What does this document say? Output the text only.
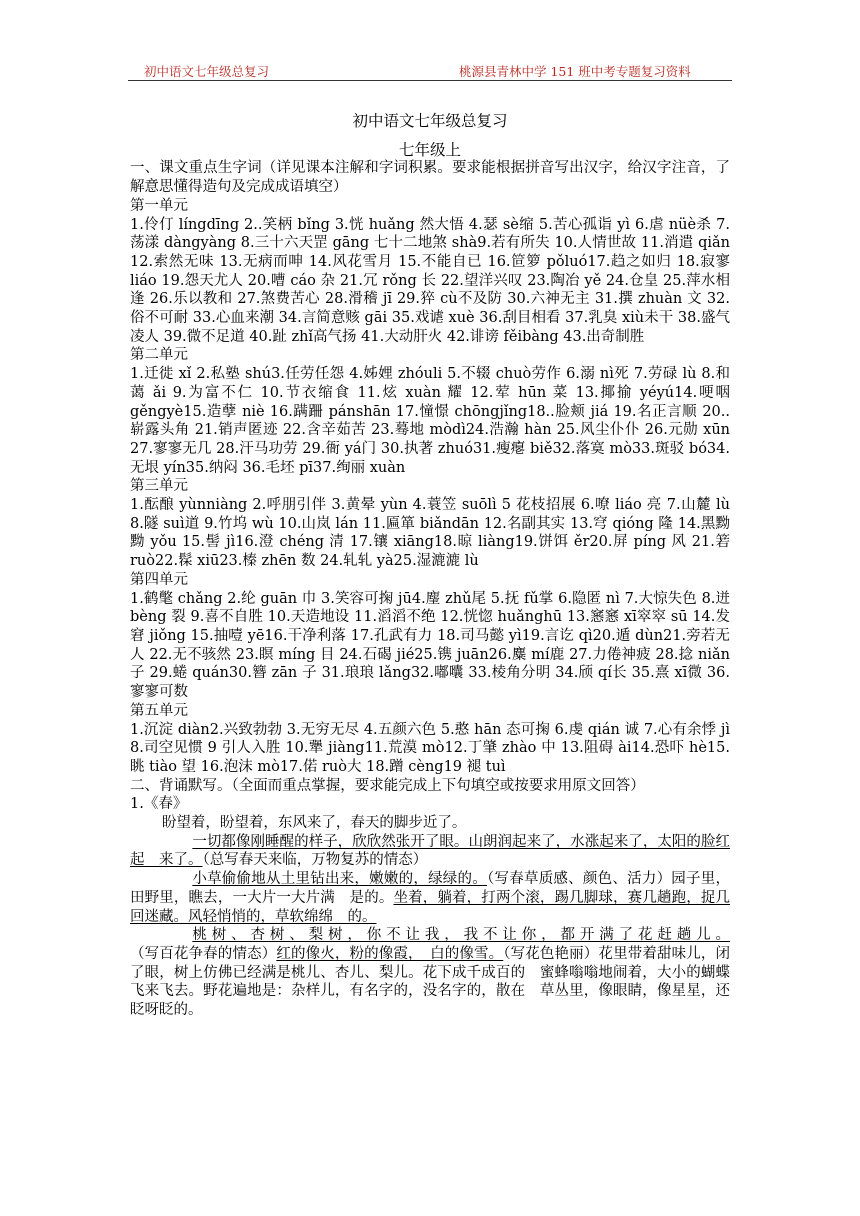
初中语文七年级总复习	桃源县青林中学 151 班中考专题复习资料

初中语文七年级总复习

七年级上

一、课文重点生字词（详见课本注解和字词积累。要求能根据拼音写出汉字，给汉字注音，了解意思懂得造句及完成成语填空）

第一单元

1.伶仃 língdīng 2..笑柄 bǐng 3.恍 huǎng 然大悟 4.瑟 sè缩 5.苦心孤诣 yì 6.虐 nüè杀 7.荡漾 dàngyàng 8.三十六天罡 gāng 七十二地煞 shà9.若有所失 10.人情世故 11.消遣 qiǎn 12.索然无味 13.无病而呻 14.风花雪月 15.不能自已 16.笸箩 pǒluó17.趋之如归 18.寂寥 liáo 19.怨天尤人 20.嘈 cáo 杂 21.冗 rǒng 长 22.望洋兴叹 23.陶冶 yě 24.仓皇 25.萍水相逢 26.乐以教和 27.煞费苦心 28.滑稽 jī 29.猝 cù不及防 30.六神无主 31.撰 zhuàn 文 32.俗不可耐 33.心血来潮 34.言简意赅 gāi 35.戏谑 xuè 36.刮目相看 37.乳臭 xiù未干 38.盛气凌人 39.微不足道 40.趾 zhǐ高气扬 41.大动肝火 42.诽谤 fěibàng 43.出奇制胜

第二单元

1.迁徙 xǐ 2.私塾 shú3.任劳任怨 4.姊娌 zhóuli 5.不辍 chuò劳作 6.溺 nì死 7.劳碌 lù 8.和蔼 ǎi 9.为富不仁 10.节衣缩食 11.炫 xuàn 耀 12.荤 hūn 菜 13.揶揄 yéyú14.哽咽 gěngyè15.造孽 niè 16.蹒跚 pánshān 17.憧憬 chōngjǐng18..脸颊 jiá 19.名正言顺 20..崭露头角 21.销声匿迹 22.含辛茹苦 23.蓦地 mòdì24.浩瀚 hàn 25.风尘仆仆 26.元勋 xūn 27.寥寥无几 28.汗马功劳 29.衙 yá门 30.执著 zhuó31.瘦瘪 biě32.落寞 mò33.斑驳 bó34.无垠 yín35.纳闷 36.毛坯 pī37.绚丽 xuàn

第三单元

1.酝酿 yùnniàng 2.呼朋引伴 3.黄晕 yùn 4.蓑笠 suōlì 5 花枝招展 6.嘹 liáo 亮 7.山麓 lù 8.隧 suì道 9.竹坞 wù 10.山岚 lán 11.匾箪 biǎndān 12.名副其实 13.穹 qióng 隆 14.黑黝黝 yǒu 15.髻 jì16.澄 chéng 清 17.镶 xiāng18.晾 liàng19.饼饵 ěr20.屏 píng 风 21.箬 ruò22.髹 xiū23.榛 zhēn 数 24.轧轧 yà25.湿漉漉 lù

第四单元

1.鹤氅 chǎng 2.纶 guān 巾 3.笑容可掬 jū4.麈 zhǔ尾 5.抚 fǔ掌 6.隐匿 nì 7.大惊失色 8.迸 bèng 裂 9.喜不自胜 10.天造地设 11.滔滔不绝 12.恍惚 huǎnghū 13.窸窸 xī窣窣 sū 14.发窘 jiǒng 15.抽噎 yē16.干净利落 17.孔武有力 18.司马懿 yì19.言讫 qì20.遁 dùn21.旁若无人 22.无不骇然 23.瞑 míng 目 24.石碣 jié25.镌 juān26.麋 mí鹿 27.力倦神疲 28.捻 niǎn 子 29.蜷 quán30.簪 zān 子 31.琅琅 lǎng32.嘟囔 33.棱角分明 34.颀 qí长 35.熹 xī微 36.寥寥可数

第五单元

1.沉淀 diàn2.兴致勃勃 3.无穷无尽 4.五颜六色 5.憨 hān 态可掬 6.虔 qián 诚 7.心有余悸 jì 8.司空见惯 9 引人入胜 10.犟 jiàng11.荒漠 mò12.丁肇 zhào 中 13.阻碍 ài14.恐吓 hè15.眺 tiào 望 16.泡沫 mò17.偌 ruò大 18.蹭 cèng19 褪 tuì

二、背诵默写。（全面而重点掌握，要求能完成上下句填空或按要求用原文回答）

1.《春》

盼望着，盼望着，东风来了，春天的脚步近了。

一切都像刚睡醒的样子，欣欣然张开了眼。山朗润起来了，水涨起来了，太阳的脸红起　来了。（总写春天来临，万物复苏的情态）

小草偷偷地从土里钻出来，嫩嫩的，绿绿的。（写春草质感、颜色、活力）园子里，田野里，瞧去，一大片一大片满　是的。坐着，躺着，打两个滚，踢几脚球，赛几趟跑，捉几回迷藏。风轻悄悄的，草软绵绵　的。

桃树、杏树、梨树，你不让我，我不让你，都开满了花赶趟儿。（写百花争春的情态）红的像火，粉的像霞，　白的像雪。（写花色艳丽）花里带着甜味儿，闭了眼，树上仿佛已经满是桃儿、杏儿、梨儿。花下成千成百的　蜜蜂嗡嗡地闹着，大小的蝴蝶飞来飞去。野花遍地是：杂样儿，有名字的，没名字的，散在　草丛里，像眼睛，像星星，还眨呀眨的。
